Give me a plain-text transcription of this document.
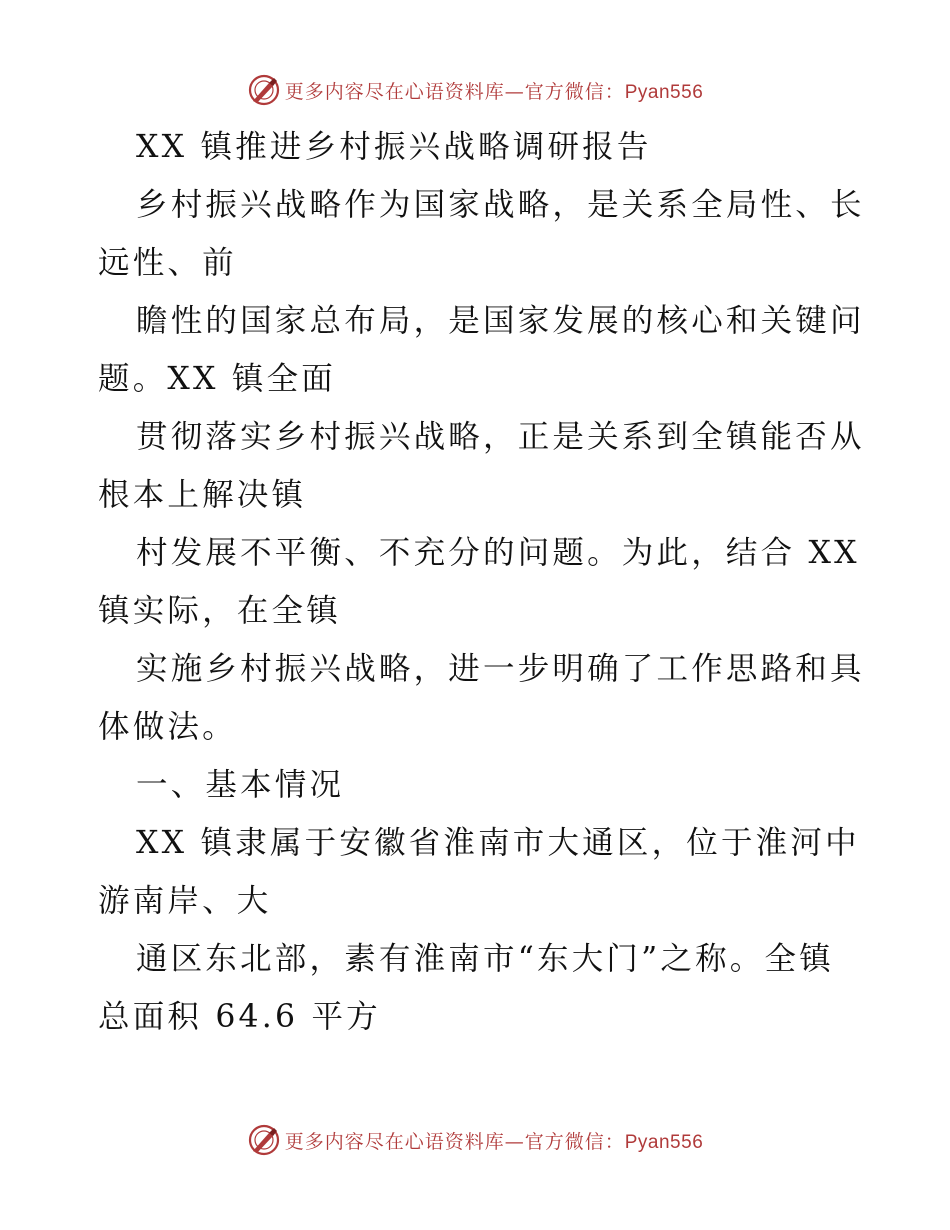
更多内容尽在心语资料库—官方微信：Pyan556
XX 镇推进乡村振兴战略调研报告
乡村振兴战略作为国家战略，是关系全局性、长
远性、前
瞻性的国家总布局，是国家发展的核心和关键问
题。XX 镇全面
贯彻落实乡村振兴战略，正是关系到全镇能否从
根本上解决镇
村发展不平衡、不充分的问题。为此，结合 XX
镇实际，在全镇
实施乡村振兴战略，进一步明确了工作思路和具
体做法。
一、基本情况
XX 镇隶属于安徽省淮南市大通区，位于淮河中
游南岸、大
通区东北部，素有淮南市“东大门”之称。全镇
总面积 64.6 平方
更多内容尽在心语资料库—官方微信：Pyan556
